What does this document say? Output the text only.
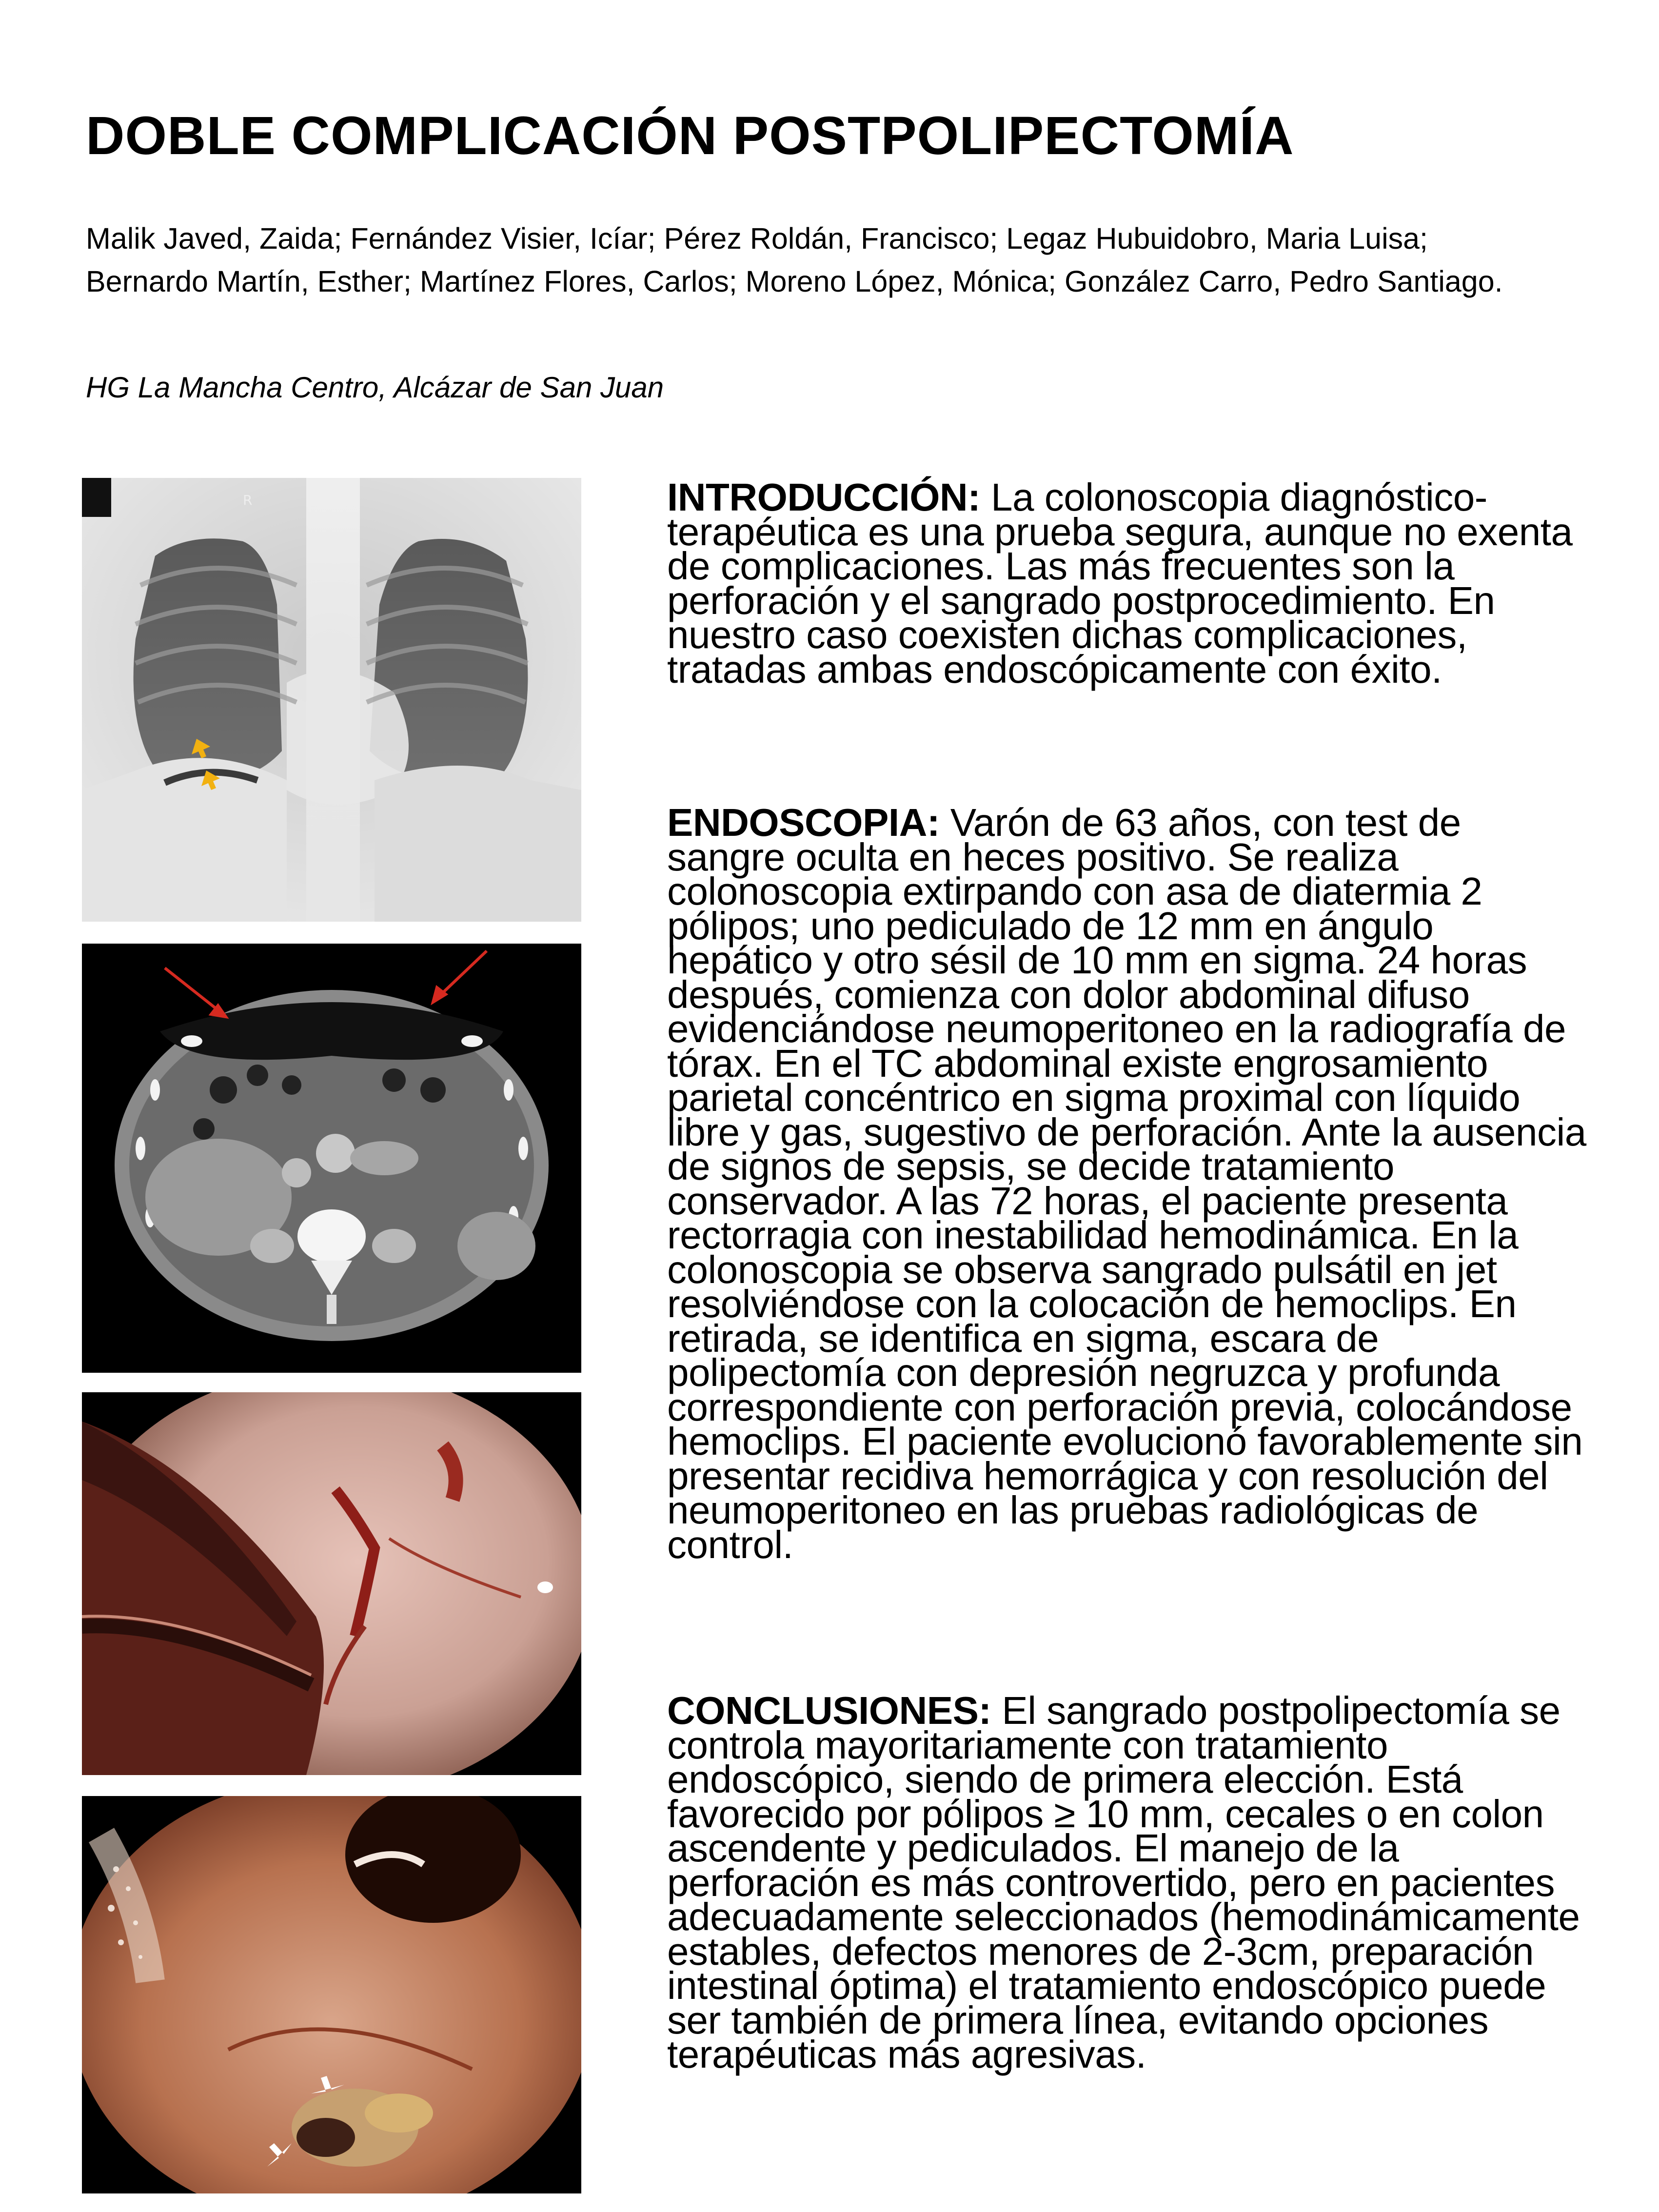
DOBLE COMPLICACIÓN POSTPOLIPECTOMÍA
Malik Javed, Zaida; Fernández Visier, Icíar; Pérez Roldán, Francisco; Legaz Hubuidobro, Maria Luisa; Bernardo Martín, Esther; Martínez Flores, Carlos; Moreno López, Mónica; González Carro, Pedro Santiago.
HG La Mancha Centro, Alcázar de San Juan
R	INTRODUCCIÓN: La colonoscopia diagnóstico-terapéutica es una prueba segura, aunque no exenta de complicaciones. Las más frecuentes son la perforación y el sangrado postprocedimiento. En nuestro caso coexisten dichas complicaciones, tratadas ambas endoscópicamente con éxito.
ENDOSCOPIA: Varón de 63 años, con test de sangre oculta en heces positivo. Se realiza colonoscopia extirpando con asa de diatermia 2 pólipos; uno pediculado de 12 mm en ángulo hepático y otro sésil de 10 mm en sigma. 24 horas después, comienza con dolor abdominal difuso evidenciándose neumoperitoneo en la radiografía de tórax. En el TC abdominal existe engrosamiento parietal concéntrico en sigma proximal con líquido libre y gas, sugestivo de perforación. Ante la ausencia de signos de sepsis, se decide tratamiento conservador. A las 72 horas, el paciente presenta rectorragia con inestabilidad hemodinámica. En la colonoscopia se observa sangrado pulsátil en jet resolviéndose con la colocación de hemoclips. En retirada, se identifica en sigma, escara de polipectomía con depresión negruzca y profunda correspondiente con perforación previa, colocándose hemoclips. El paciente evolucionó favorablemente sin presentar recidiva hemorrágica y con resolución del neumoperitoneo en las pruebas radiológicas de control.
CONCLUSIONES: El sangrado postpolipectomía se controla mayoritariamente con tratamiento endoscópico, siendo de primera elección. Está favorecido por pólipos ≥ 10 mm, cecales o en colon ascendente y pediculados. El manejo de la perforación es más controvertido, pero en pacientes adecuadamente seleccionados (hemodinámicamente estables, defectos menores de 2-3cm, preparación intestinal óptima) el tratamiento endoscópico puede ser también de primera línea, evitando opciones terapéuticas más agresivas.
